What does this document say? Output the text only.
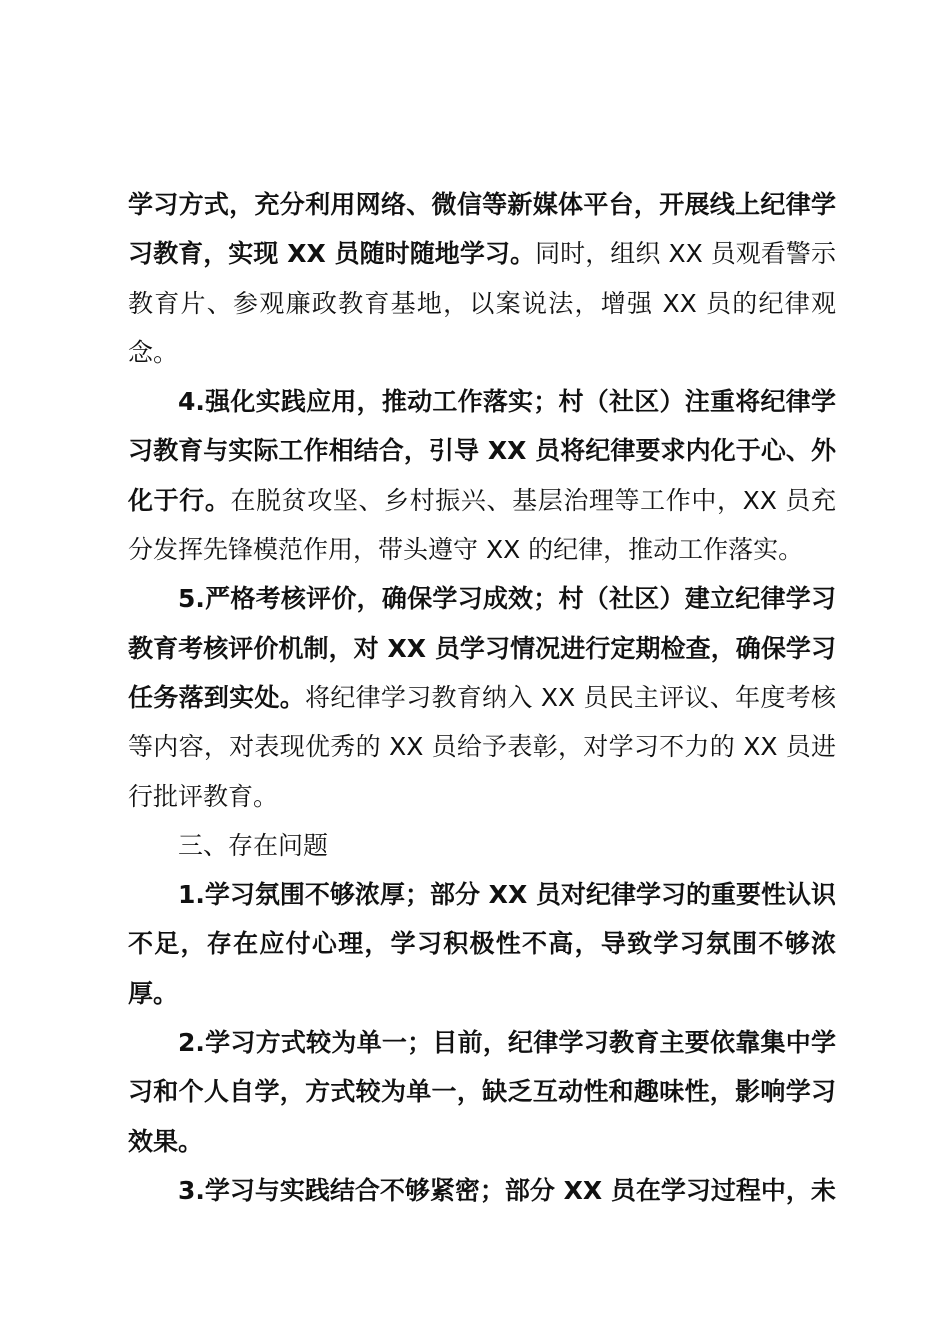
学习方式，充分利用网络、微信等新媒体平台，开展线上纪律学习教育，实现 XX 员随时随地学习。同时，组织 XX 员观看警示教育片、参观廉政教育基地，以案说法，增强 XX 员的纪律观念。

4.强化实践应用，推动工作落实；村（社区）注重将纪律学习教育与实际工作相结合，引导 XX 员将纪律要求内化于心、外化于行。在脱贫攻坚、乡村振兴、基层治理等工作中，XX 员充分发挥先锋模范作用，带头遵守 XX 的纪律，推动工作落实。

5.严格考核评价，确保学习成效；村（社区）建立纪律学习教育考核评价机制，对 XX 员学习情况进行定期检查，确保学习任务落到实处。将纪律学习教育纳入 XX 员民主评议、年度考核等内容，对表现优秀的 XX 员给予表彰，对学习不力的 XX 员进行批评教育。

三、存在问题

1.学习氛围不够浓厚；部分 XX 员对纪律学习的重要性认识不足，存在应付心理，学习积极性不高，导致学习氛围不够浓厚。

2.学习方式较为单一；目前，纪律学习教育主要依靠集中学习和个人自学，方式较为单一，缺乏互动性和趣味性，影响学习效果。

3.学习与实践结合不够紧密；部分 XX 员在学习过程中，未
